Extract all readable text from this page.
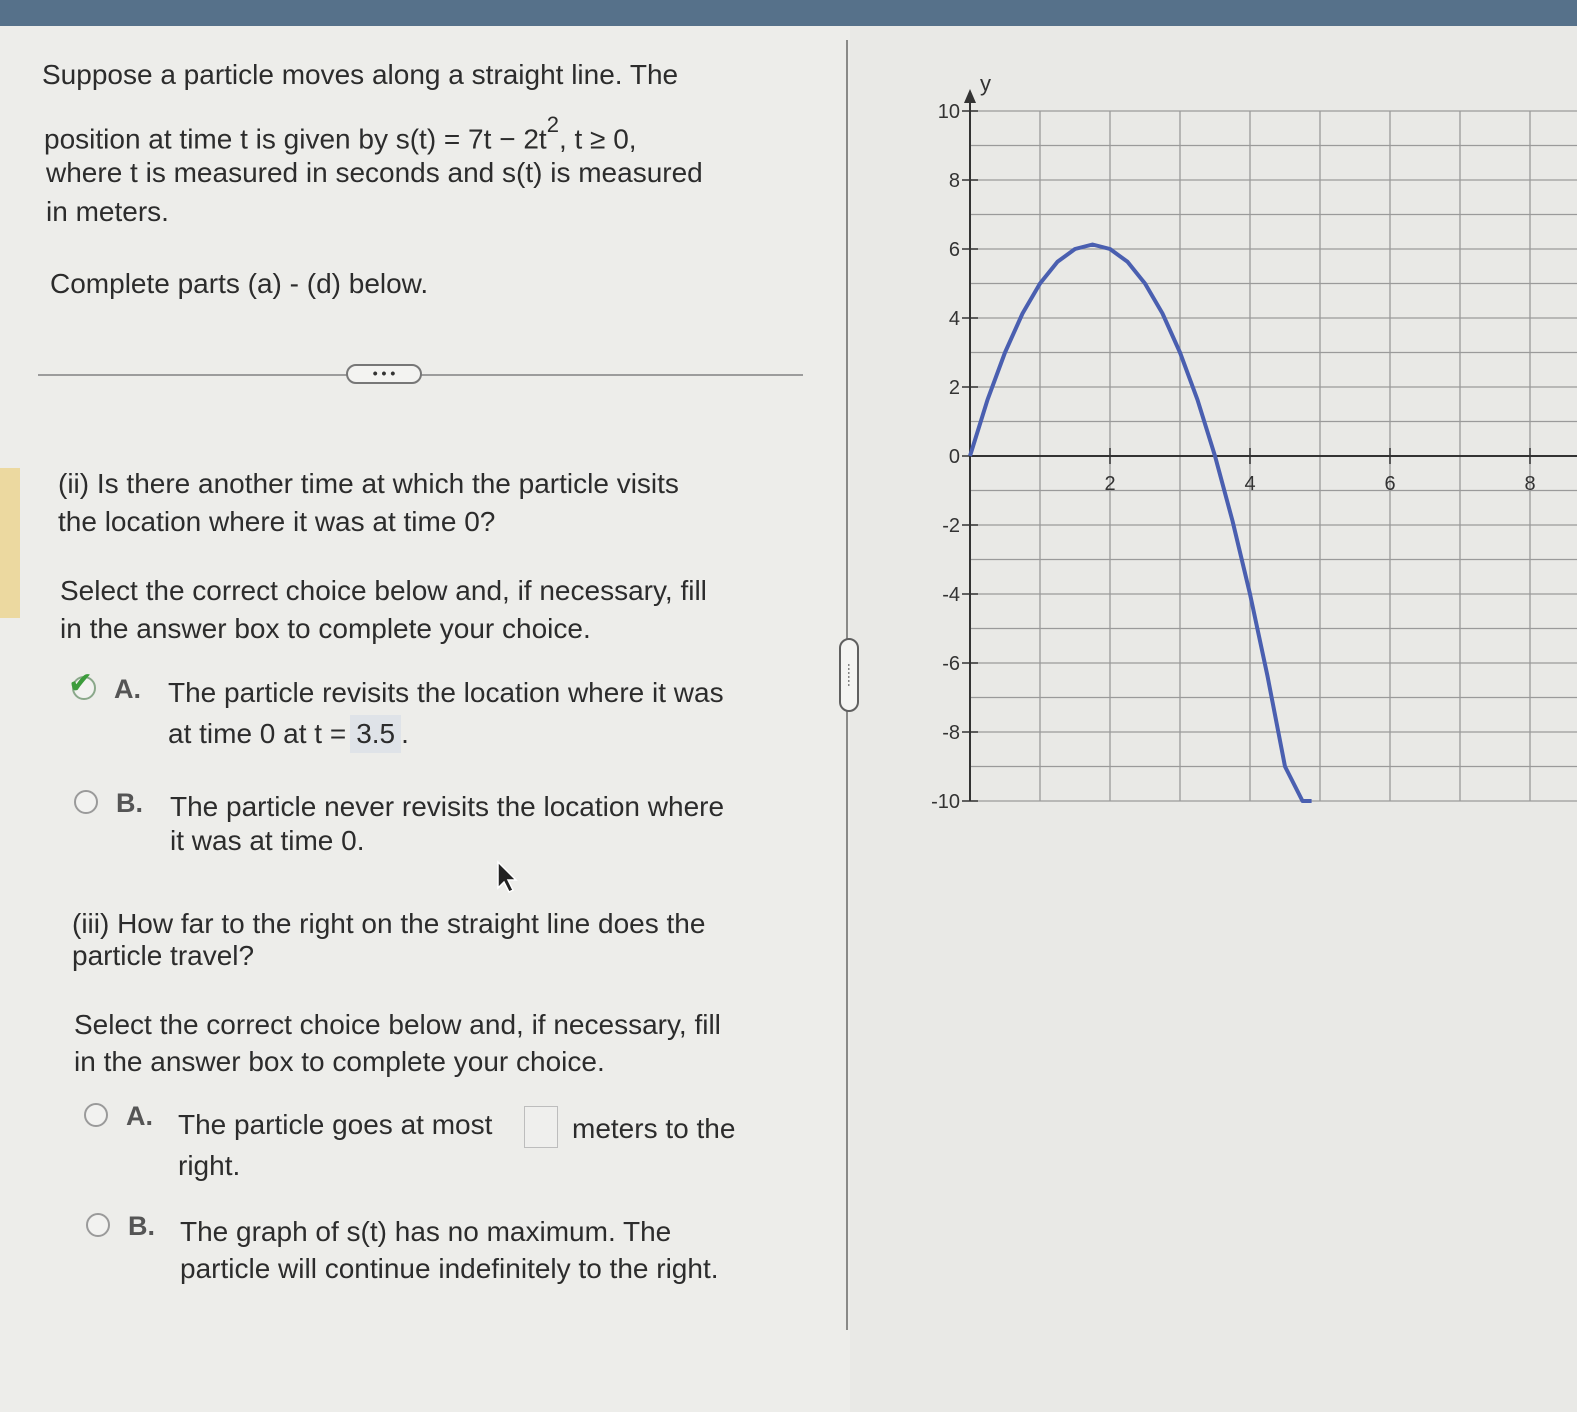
Suppose a particle moves along a straight line. The
position at time t is given by $s(t) = 7t - 2t^2$, t ≥ 0,
where t is measured in seconds and s(t) is measured
in meters.
Complete parts (a) - (d) below.
• • •
(ii) Is there another time at which the particle visits
the location where it was at time 0?
Select the correct choice below and, if necessary, fill
in the answer box to complete your choice.
✔ A. The particle revisits the location where it was
at time 0 at t = 3.5 .
B. The particle never revisits the location where
it was at time 0.
(iii) How far to the right on the straight line does the
particle travel?
Select the correct choice below and, if necessary, fill
in the answer box to complete your choice.
A. The particle goes at most	meters to the
right.
B. The graph of s(t) has no maximum. The
particle will continue indefinitely to the right.
⋯⋯
y
10
8
6
4
2
0
-2
-4
-6
-8
-10
2	4	6	8
